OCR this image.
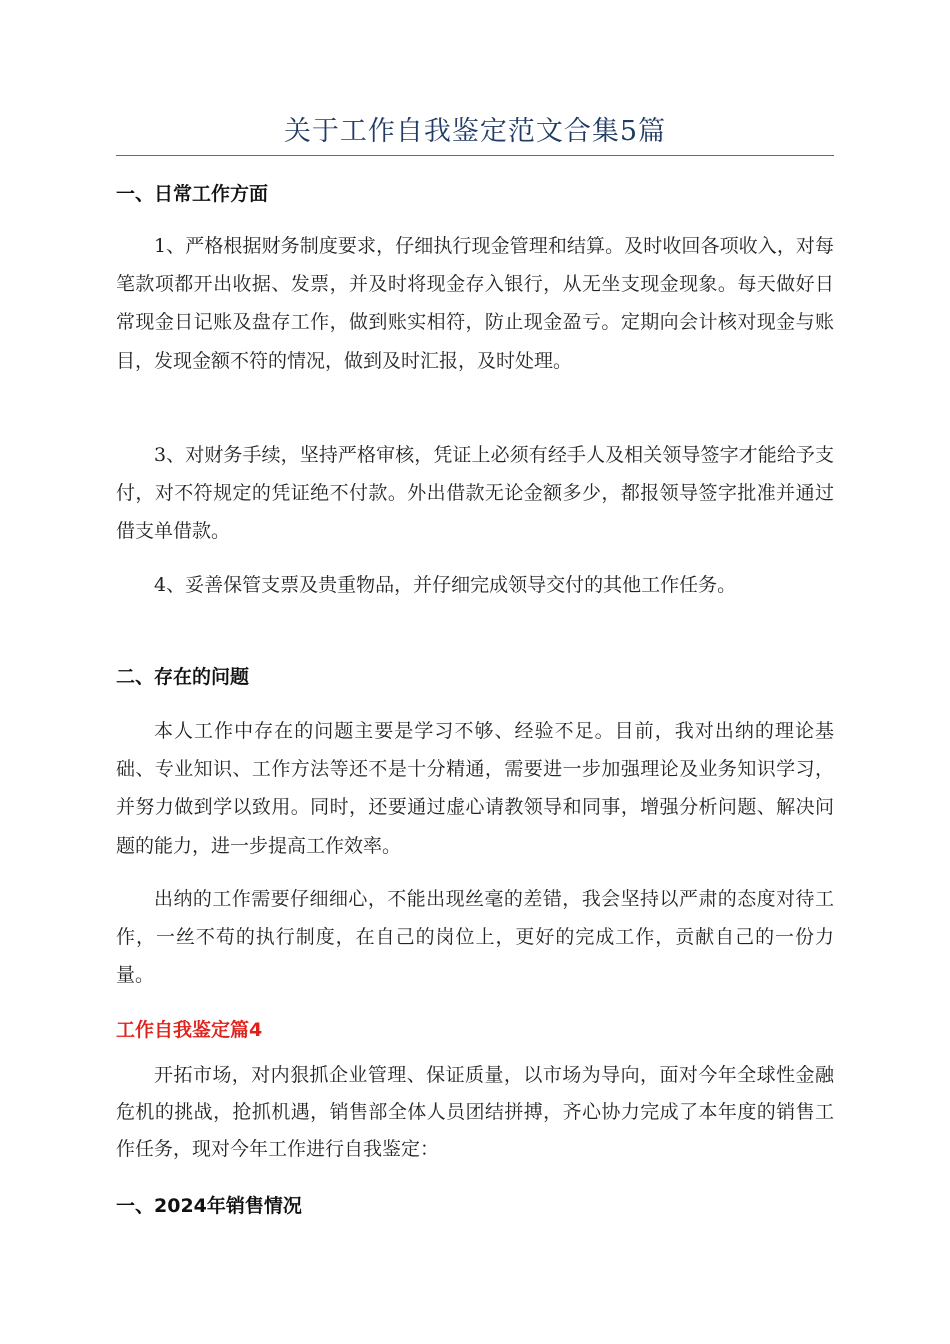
关于工作自我鉴定范文合集5篇

一、日常工作方面

1、严格根据财务制度要求，仔细执行现金管理和结算。及时收回各项收入，对每笔款项都开出收据、发票，并及时将现金存入银行，从无坐支现金现象。每天做好日常现金日记账及盘存工作，做到账实相符，防止现金盈亏。定期向会计核对现金与账目，发现金额不符的情况，做到及时汇报，及时处理。

3、对财务手续，坚持严格审核，凭证上必须有经手人及相关领导签字才能给予支付，对不符规定的凭证绝不付款。外出借款无论金额多少，都报领导签字批准并通过借支单借款。

4、妥善保管支票及贵重物品，并仔细完成领导交付的其他工作任务。

二、存在的问题

本人工作中存在的问题主要是学习不够、经验不足。目前，我对出纳的理论基础、专业知识、工作方法等还不是十分精通，需要进一步加强理论及业务知识学习，并努力做到学以致用。同时，还要通过虚心请教领导和同事，增强分析问题、解决问题的能力，进一步提高工作效率。

出纳的工作需要仔细细心，不能出现丝毫的差错，我会坚持以严肃的态度对待工作，一丝不苟的执行制度，在自己的岗位上，更好的完成工作，贡献自己的一份力量。

工作自我鉴定篇4

开拓市场，对内狠抓企业管理、保证质量，以市场为导向，面对今年全球性金融危机的挑战，抢抓机遇，销售部全体人员团结拼搏，齐心协力完成了本年度的销售工作任务，现对今年工作进行自我鉴定：

一、2024年销售情况
